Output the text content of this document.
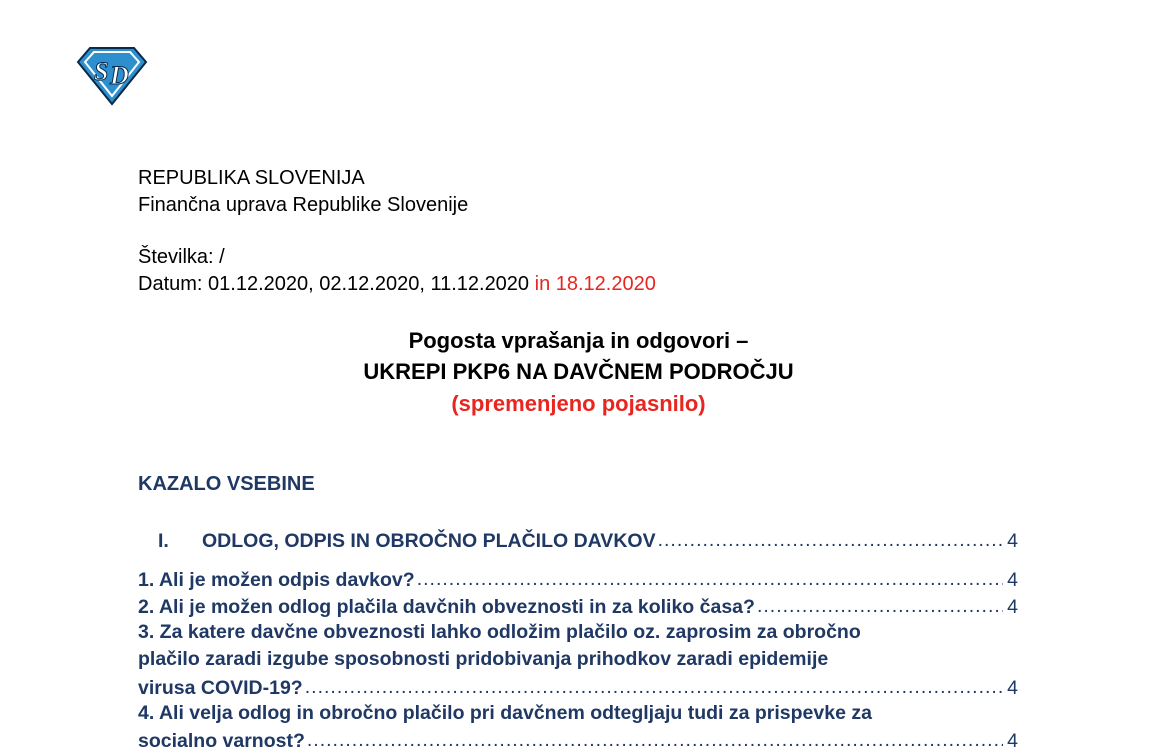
S D
REPUBLIKA SLOVENIJA
Finančna uprava Republike Slovenije
Številka: /
Datum: 01.12.2020, 02.12.2020, 11.12.2020 in 18.12.2020
Pogosta vprašanja in odgovori –
UKREPI PKP6 NA DAVČNEM PODROČJU
(spremenjeno pojasnilo)
KAZALO VSEBINE
I.	ODLOG, ODPIS IN OBROČNO PLAČILO DAVKOV .....	4
1. Ali je možen odpis davkov? .....	4
2. Ali je možen odlog plačila davčnih obveznosti in za koliko časa? .....	4
3. Za katere davčne obveznosti lahko odložim plačilo oz. zaprosim za obročno
plačilo zaradi izgube sposobnosti pridobivanja prihodkov zaradi epidemije
virusa COVID-19? .....	4
4. Ali velja odlog in obročno plačilo pri davčnem odtegljaju tudi za prispevke za
socialno varnost? .....	4
